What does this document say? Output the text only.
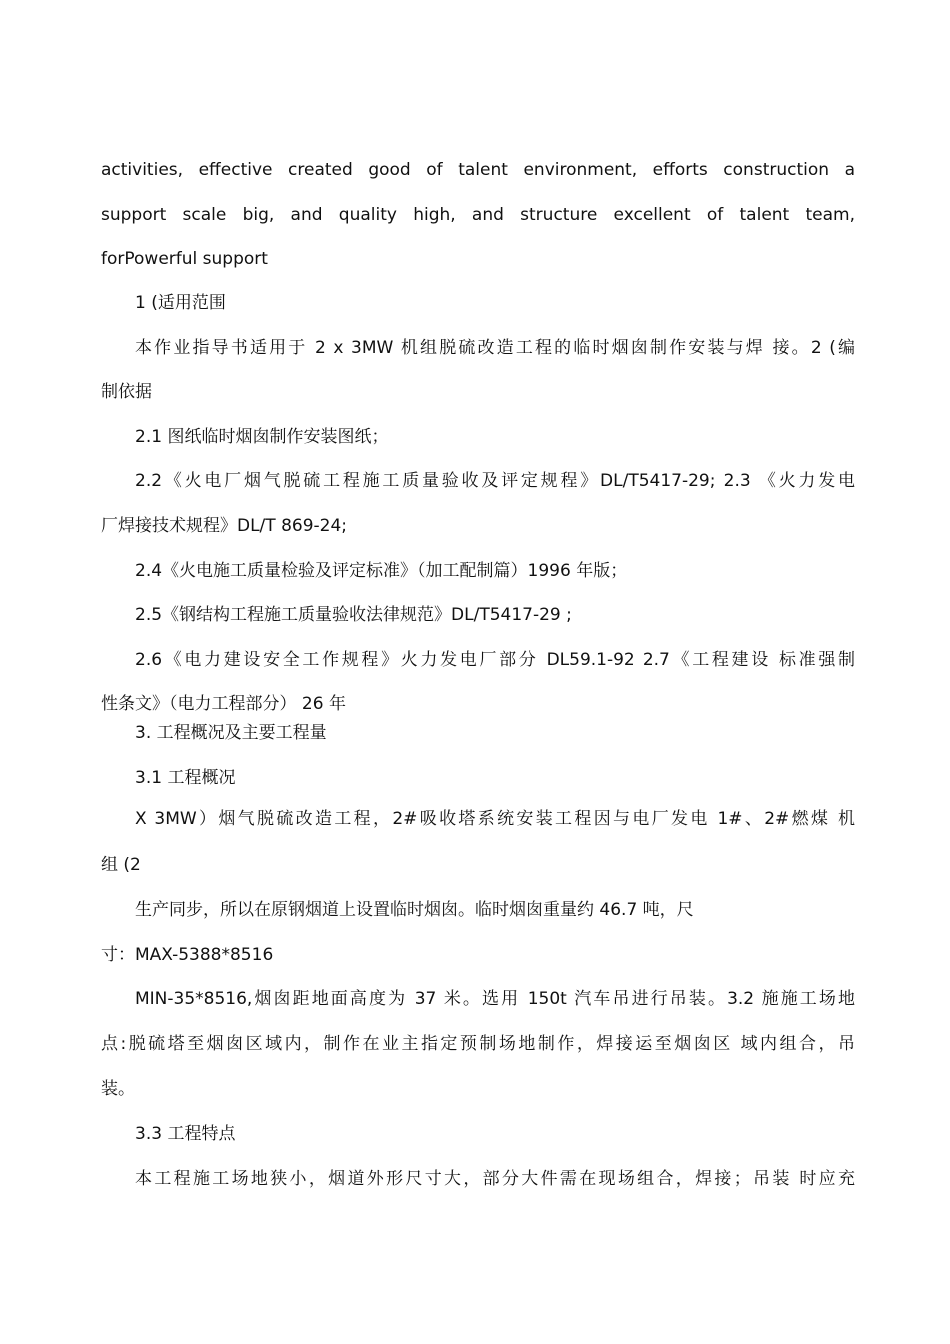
activities, effective created good of talent environment, efforts construction a
support scale big, and quality high, and structure excellent of talent team,
forPowerful support
1 (适用范围
本作业指导书适用于 2 x 3MW 机组脱硫改造工程的临时烟囱制作安装与焊 接。2 (编
制依据
2.1 图纸临时烟囱制作安装图纸；
2.2《火电厂烟气脱硫工程施工质量验收及评定规程》DL/T5417-29; 2.3 《火力发电
厂焊接技术规程》DL/T 869-24;
2.4《火电施工质量检验及评定标准》（加工配制篇）1996 年版；
2.5《钢结构工程施工质量验收法律规范》DL/T5417-29 ;
2.6《电力建设安全工作规程》火力发电厂部分 DL59.1-92 2.7《工程建设 标准强制
性条文》（电力工程部分） 26 年
3. 工程概况及主要工程量
3.1 工程概况
X 3MW）烟气脱硫改造工程，2#吸收塔系统安装工程因与电厂发电 1#、2#燃煤 机
组 (2
生产同步，所以在原钢烟道上设置临时烟囱。临时烟囱重量约 46.7 吨，尺
寸：MAX-5388*8516
MIN-35*8516,烟囱距地面高度为 37 米。选用 150t 汽车吊进行吊装。3.2 施施工场地
点:脱硫塔至烟囱区域内，制作在业主指定预制场地制作，焊接运至烟囱区 域内组合，吊
装。
3.3 工程特点
本工程施工场地狭小，烟道外形尺寸大，部分大件需在现场组合，焊接；吊装 时应充
